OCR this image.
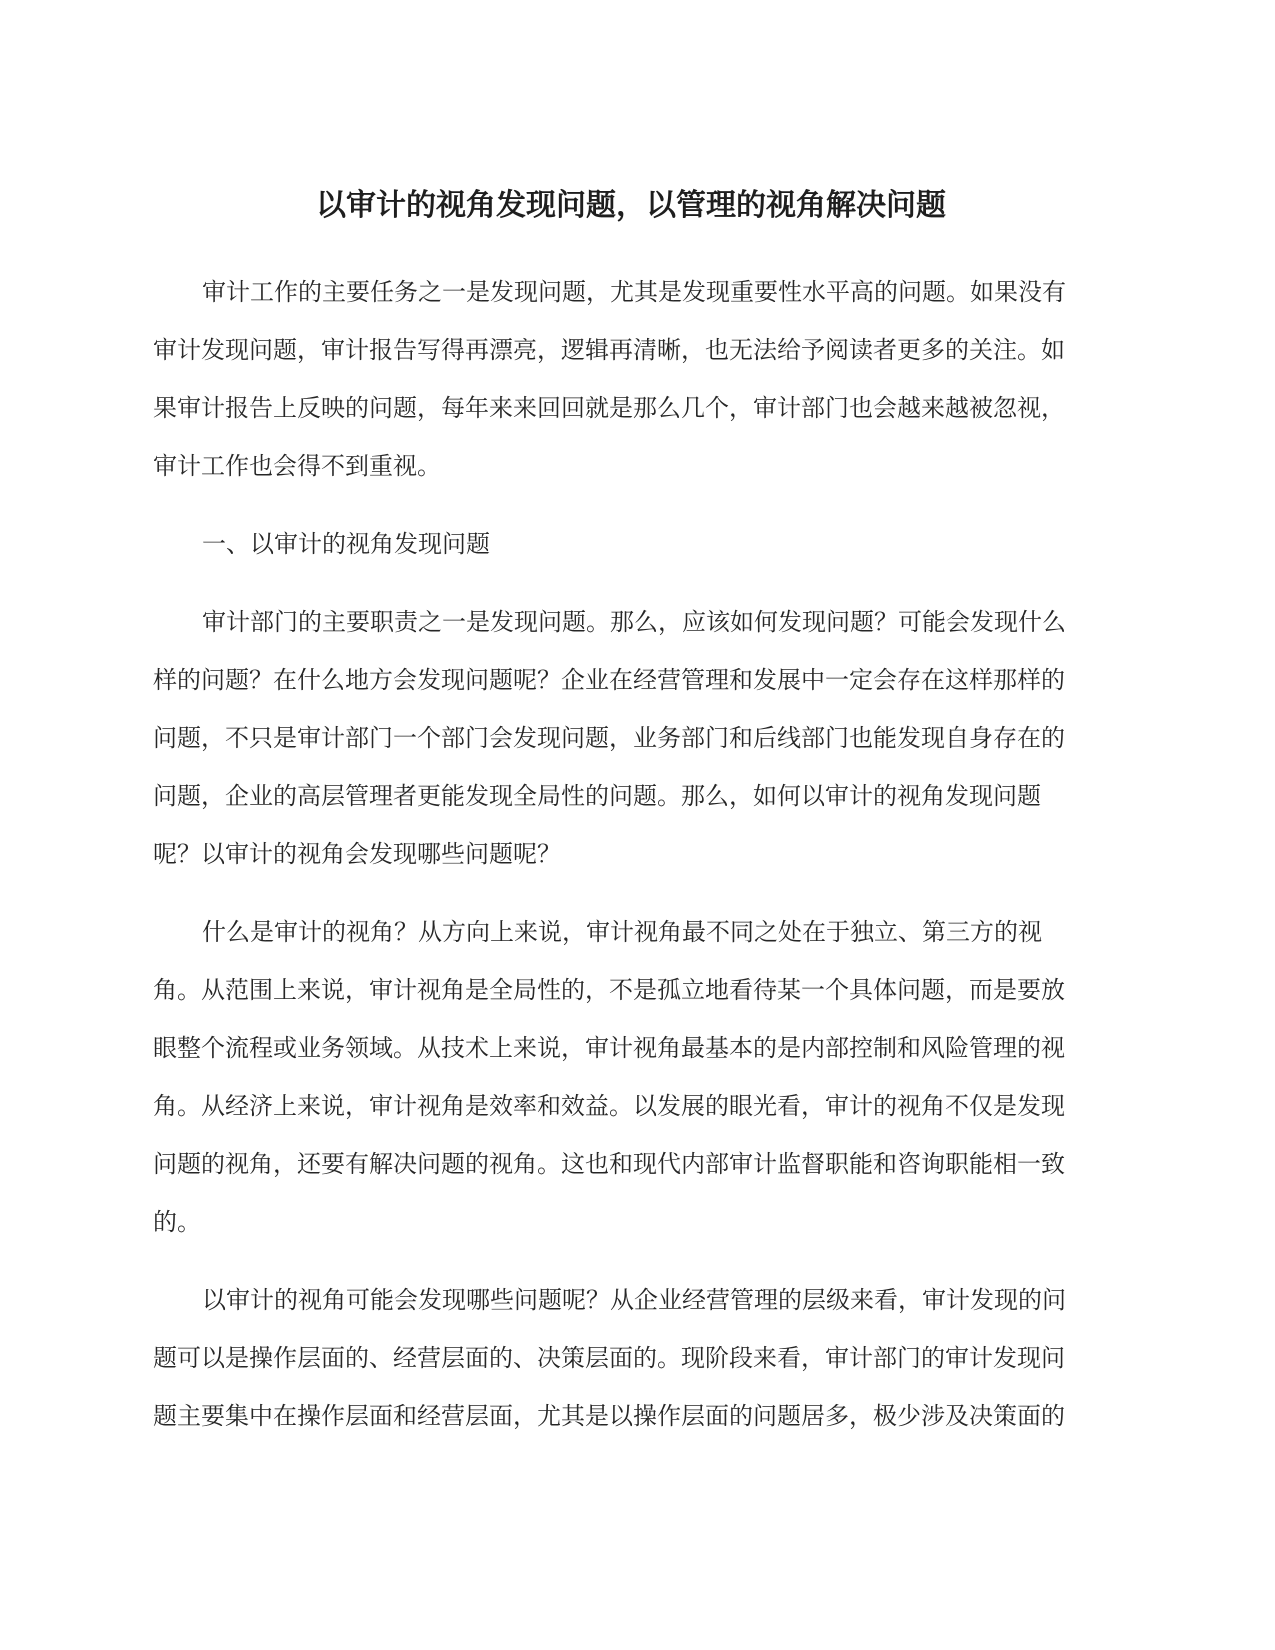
以审计的视角发现问题，以管理的视角解决问题

审计工作的主要任务之一是发现问题，尤其是发现重要性水平高的问题。如果没有
审计发现问题，审计报告写得再漂亮，逻辑再清晰，也无法给予阅读者更多的关注。如
果审计报告上反映的问题，每年来来回回就是那么几个，审计部门也会越来越被忽视，
审计工作也会得不到重视。

一、以审计的视角发现问题

审计部门的主要职责之一是发现问题。那么，应该如何发现问题？可能会发现什么
样的问题？在什么地方会发现问题呢？企业在经营管理和发展中一定会存在这样那样的
问题，不只是审计部门一个部门会发现问题，业务部门和后线部门也能发现自身存在的
问题，企业的高层管理者更能发现全局性的问题。那么，如何以审计的视角发现问题
呢？以审计的视角会发现哪些问题呢？

什么是审计的视角？从方向上来说，审计视角最不同之处在于独立、第三方的视
角。从范围上来说，审计视角是全局性的，不是孤立地看待某一个具体问题，而是要放
眼整个流程或业务领域。从技术上来说，审计视角最基本的是内部控制和风险管理的视
角。从经济上来说，审计视角是效率和效益。以发展的眼光看，审计的视角不仅是发现
问题的视角，还要有解决问题的视角。这也和现代内部审计监督职能和咨询职能相一致
的。

以审计的视角可能会发现哪些问题呢？从企业经营管理的层级来看，审计发现的问
题可以是操作层面的、经营层面的、决策层面的。现阶段来看，审计部门的审计发现问
题主要集中在操作层面和经营层面，尤其是以操作层面的问题居多，极少涉及决策面的
